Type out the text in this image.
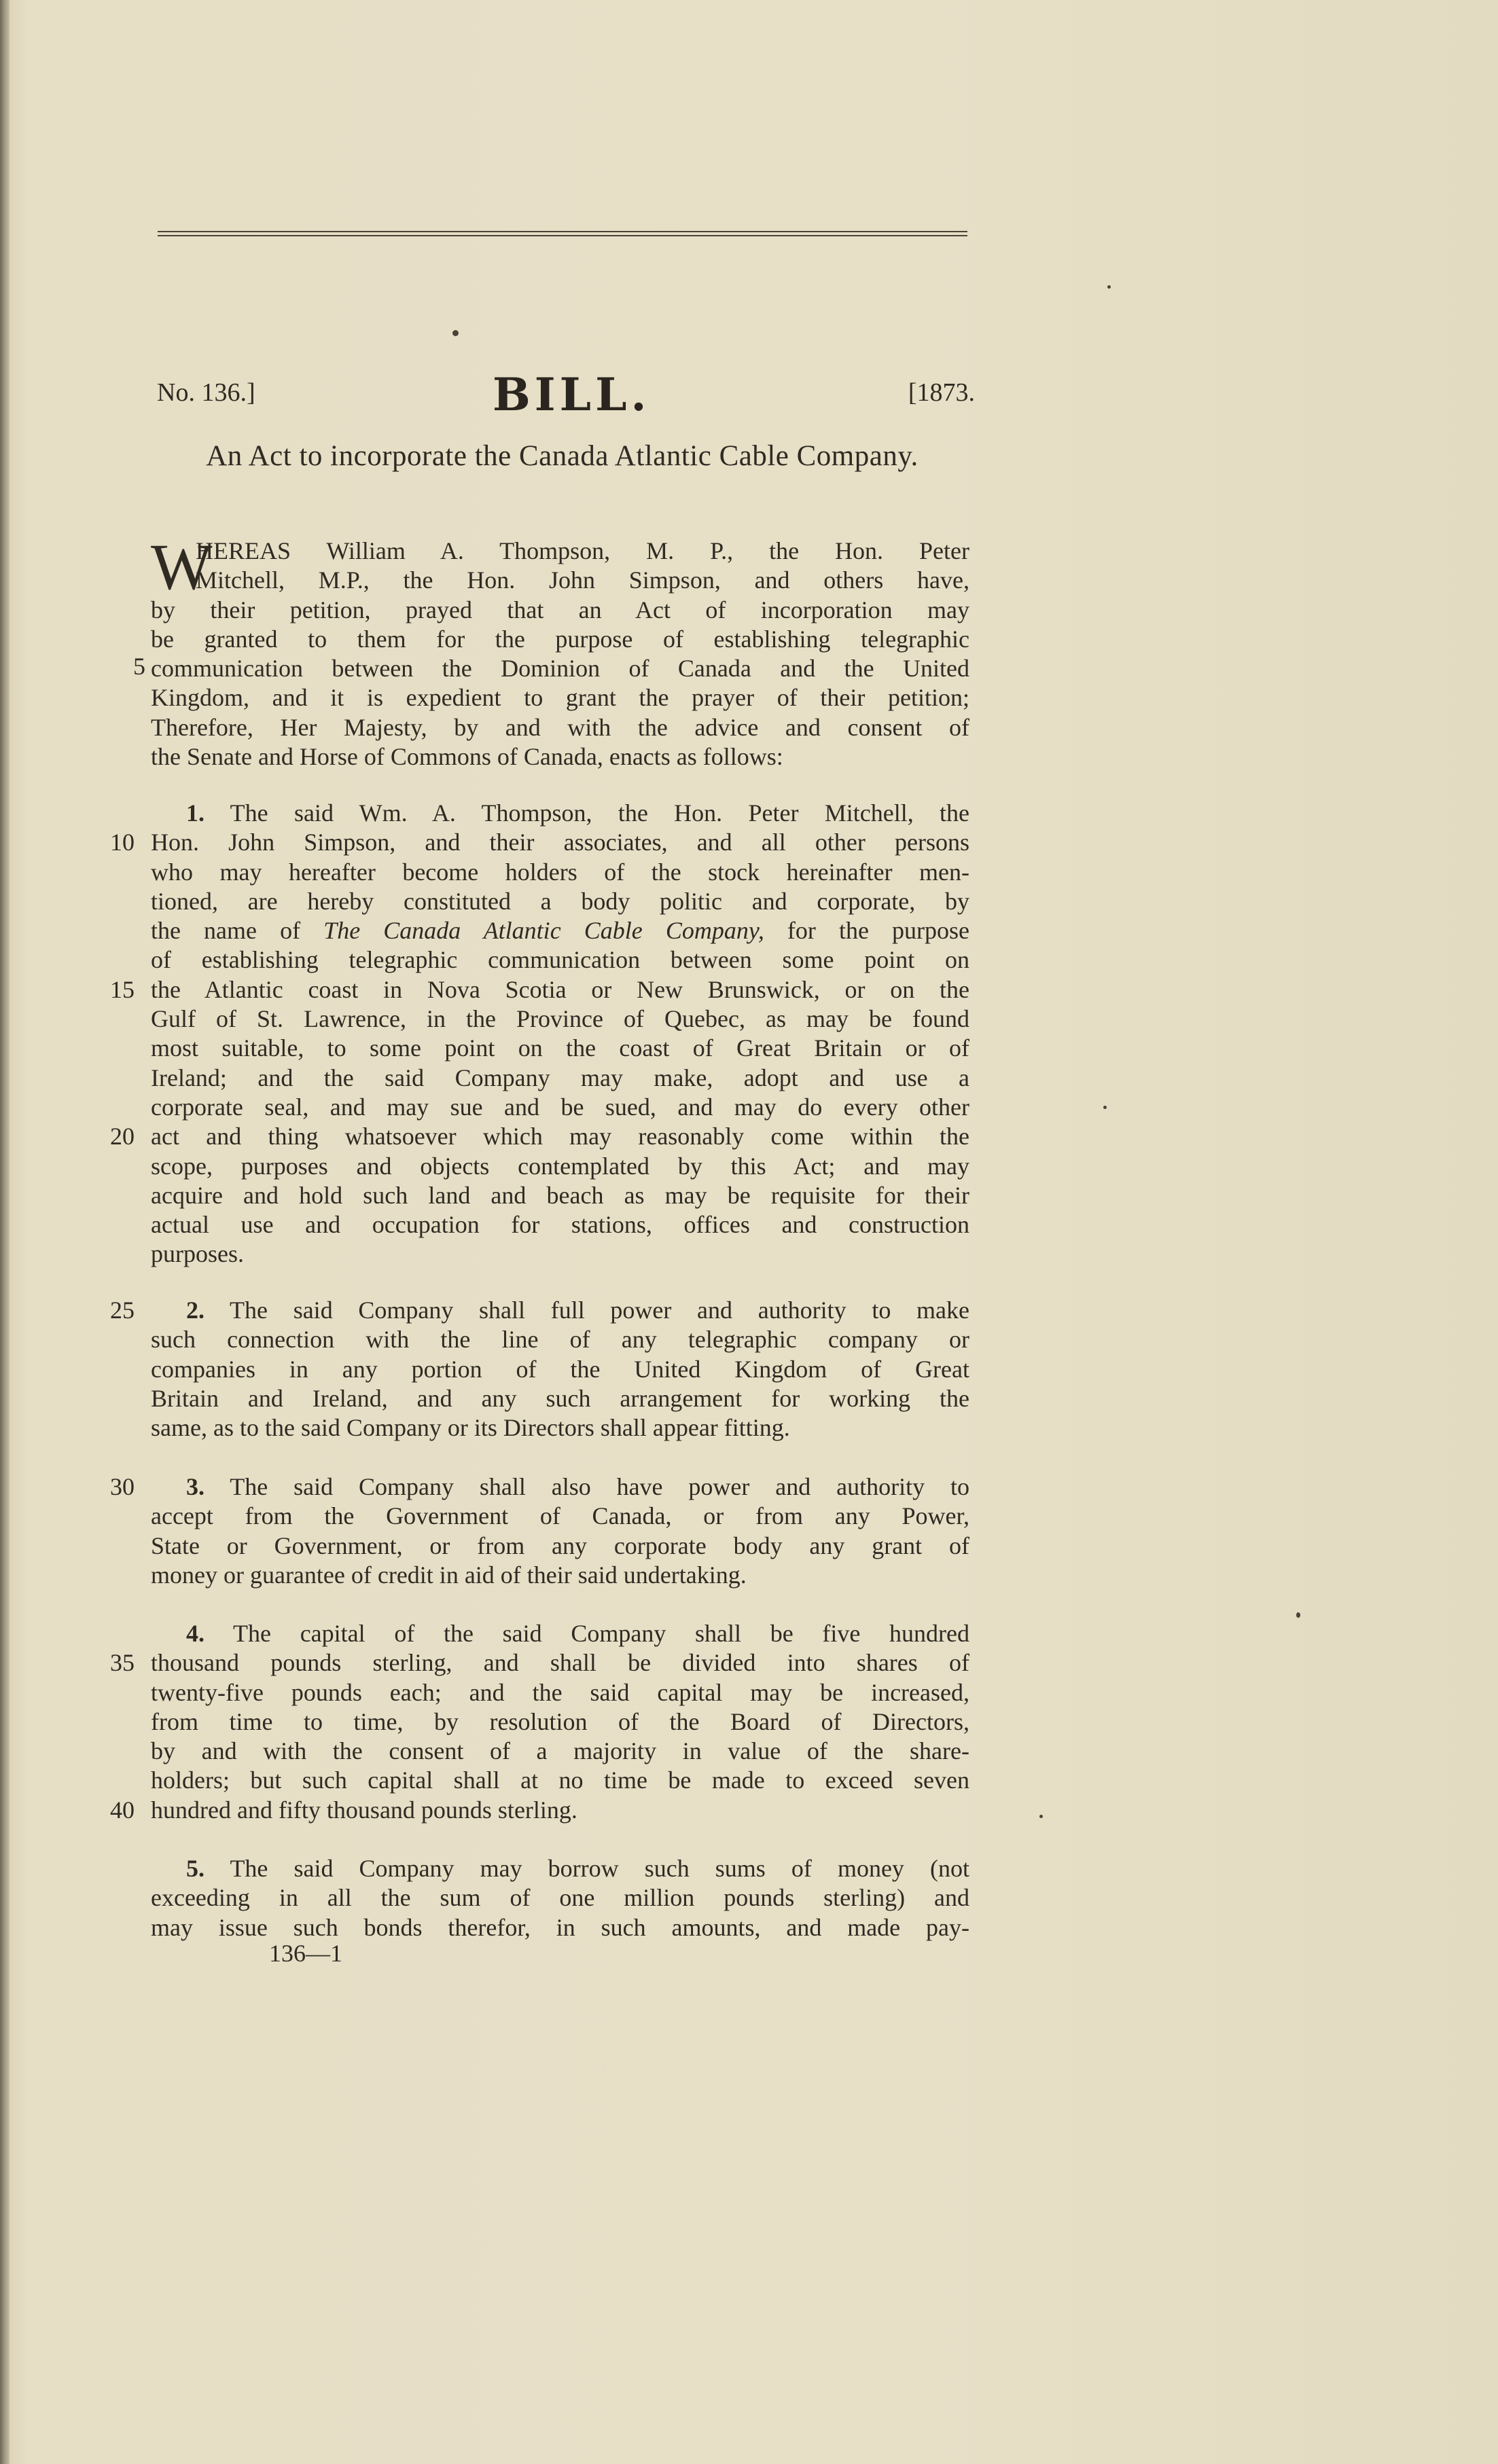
No. 136.]	BILL.	[1873.
An Act to incorporate the Canada Atlantic Cable Company.
W
HEREAS William A. Thompson, M. P., the Hon. Peter
Mitchell, M.P., the Hon. John Simpson, and others have,
by their petition, prayed that an Act of incorporation may
be granted to them for the purpose of establishing telegraphic
communication between the Dominion of Canada and the United
Kingdom, and it is expedient to grant the prayer of their petition;
Therefore, Her Majesty, by and with the advice and consent of
the Senate and Horse of Commons of Canada, enacts as follows:
1. The said Wm. A. Thompson, the Hon. Peter Mitchell, the
Hon. John Simpson, and their associates, and all other persons
who may hereafter become holders of the stock hereinafter men-
tioned, are hereby constituted a body politic and corporate, by
the name of The Canada Atlantic Cable Company, for the purpose
of establishing telegraphic communication between some point on
the Atlantic coast in Nova Scotia or New Brunswick, or on the
Gulf of St. Lawrence, in the Province of Quebec, as may be found
most suitable, to some point on the coast of Great Britain or of
Ireland; and the said Company may make, adopt and use a
corporate seal, and may sue and be sued, and may do every other
act and thing whatsoever which may reasonably come within the
scope, purposes and objects contemplated by this Act; and may
acquire and hold such land and beach as may be requisite for their
actual use and occupation for stations, offices and construction
purposes.
2. The said Company shall full power and authority to make
such connection with the line of any telegraphic company or
companies in any portion of the United Kingdom of Great
Britain and Ireland, and any such arrangement for working the
same, as to the said Company or its Directors shall appear fitting.
3. The said Company shall also have power and authority to
accept from the Government of Canada, or from any Power,
State or Government, or from any corporate body any grant of
money or guarantee of credit in aid of their said undertaking.
4. The capital of the said Company shall be five hundred
thousand pounds sterling, and shall be divided into shares of
twenty-five pounds each; and the said capital may be increased,
from time to time, by resolution of the Board of Directors,
by and with the consent of a majority in value of the share-
holders; but such capital shall at no time be made to exceed seven
hundred and fifty thousand pounds sterling.
5. The said Company may borrow such sums of money (not
exceeding in all the sum of one million pounds sterling) and
may issue such bonds therefor, in such amounts, and made pay-
5
10
15
20
25
30
35
40
136—1
